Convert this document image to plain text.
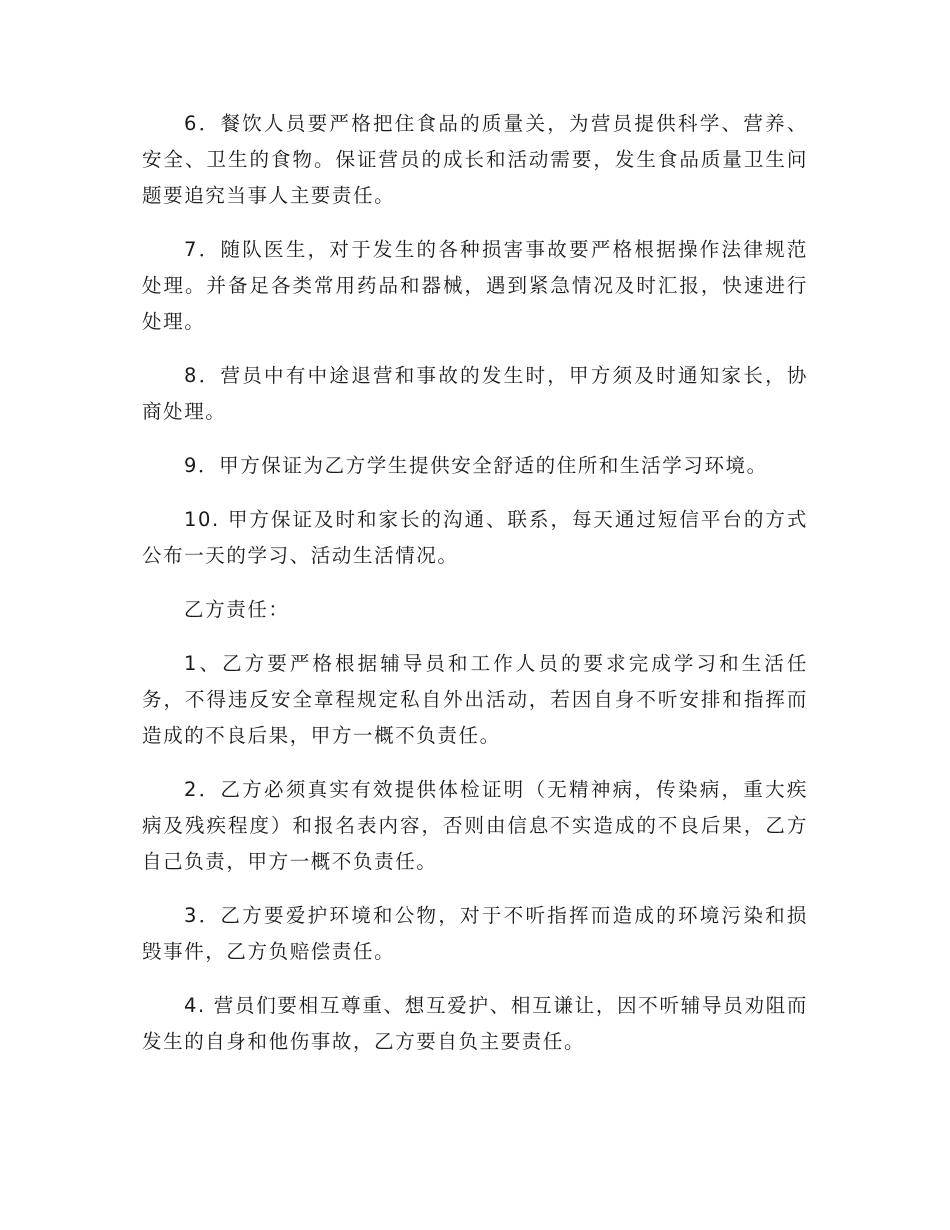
6．餐饮人员要严格把住食品的质量关，为营员提供科学、营养、安全、卫生的食物。保证营员的成长和活动需要，发生食品质量卫生问题要追究当事人主要责任。

7．随队医生，对于发生的各种损害事故要严格根据操作法律规范处理。并备足各类常用药品和器械，遇到紧急情况及时汇报，快速进行处理。

8．营员中有中途退营和事故的发生时，甲方须及时通知家长，协商处理。

9．甲方保证为乙方学生提供安全舒适的住所和生活学习环境。

10. 甲方保证及时和家长的沟通、联系，每天通过短信平台的方式公布一天的学习、活动生活情况。

乙方责任：

1、乙方要严格根据辅导员和工作人员的要求完成学习和生活任务，不得违反安全章程规定私自外出活动，若因自身不听安排和指挥而造成的不良后果，甲方一概不负责任。

2．乙方必须真实有效提供体检证明（无精神病，传染病，重大疾病及残疾程度）和报名表内容，否则由信息不实造成的不良后果，乙方自己负责，甲方一概不负责任。

3．乙方要爱护环境和公物，对于不听指挥而造成的环境污染和损毁事件，乙方负赔偿责任。

4. 营员们要相互尊重、想互爱护、相互谦让，因不听辅导员劝阻而发生的自身和他伤事故，乙方要自负主要责任。
